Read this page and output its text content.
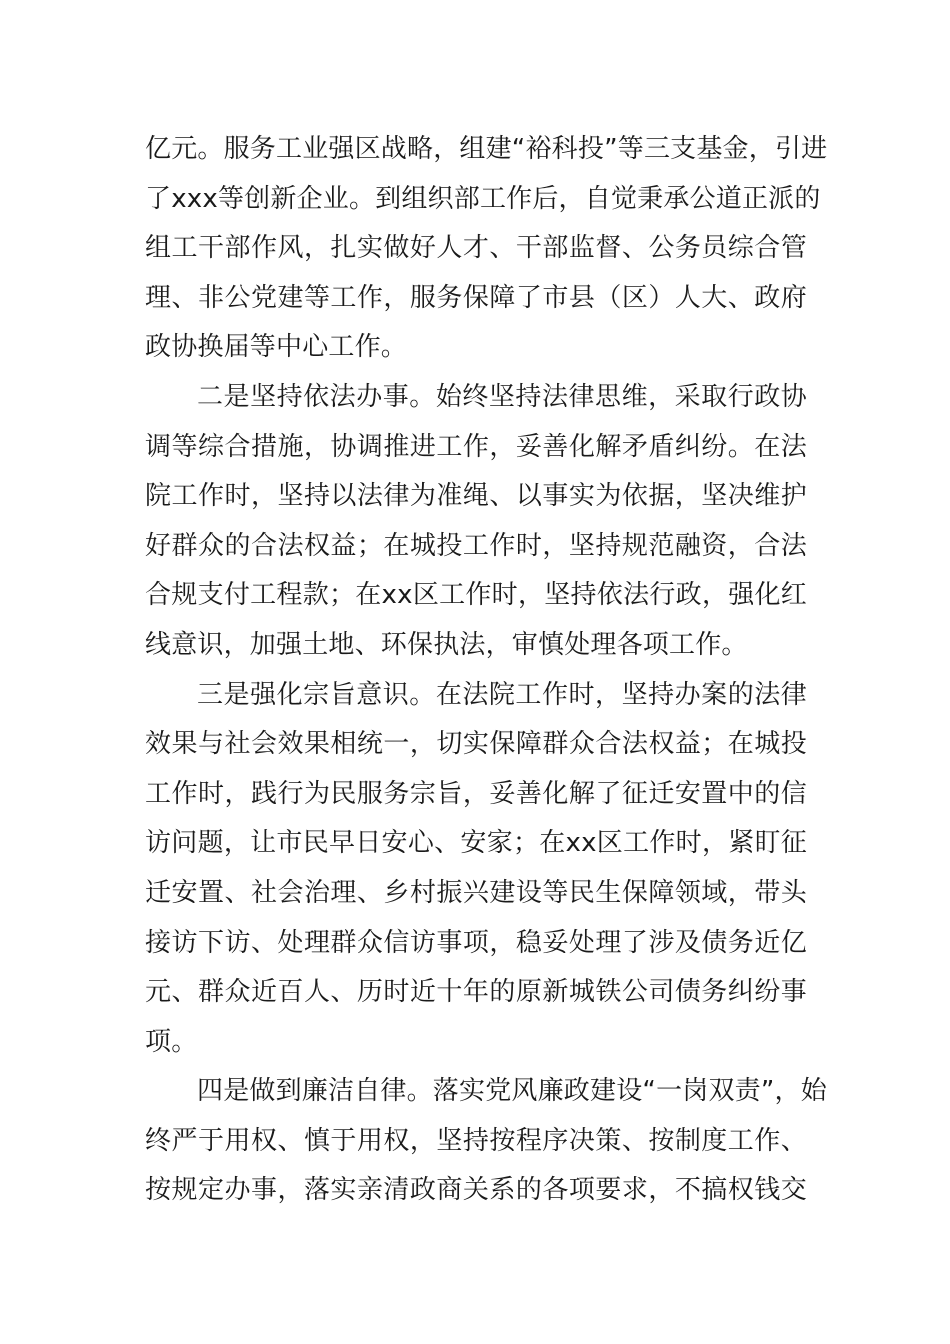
亿元。服务工业强区战略，组建“裕科投”等三支基金，引进
了xxx等创新企业。到组织部工作后，自觉秉承公道正派的
组工干部作风，扎实做好人才、干部监督、公务员综合管
理、非公党建等工作，服务保障了市县（区）人大、政府
政协换届等中心工作。
二是坚持依法办事。始终坚持法律思维，采取行政协
调等综合措施，协调推进工作，妥善化解矛盾纠纷。在法
院工作时，坚持以法律为准绳、以事实为依据，坚决维护
好群众的合法权益；在城投工作时，坚持规范融资，合法
合规支付工程款；在xx区工作时，坚持依法行政，强化红
线意识，加强土地、环保执法，审慎处理各项工作。
三是强化宗旨意识。在法院工作时，坚持办案的法律
效果与社会效果相统一，切实保障群众合法权益；在城投
工作时，践行为民服务宗旨，妥善化解了征迁安置中的信
访问题，让市民早日安心、安家；在xx区工作时，紧盯征
迁安置、社会治理、乡村振兴建设等民生保障领域，带头
接访下访、处理群众信访事项，稳妥处理了涉及债务近亿
元、群众近百人、历时近十年的原新城铁公司债务纠纷事
项。
四是做到廉洁自律。落实党风廉政建设“一岗双责”，始
终严于用权、慎于用权，坚持按程序决策、按制度工作、
按规定办事，落实亲清政商关系的各项要求，不搞权钱交
